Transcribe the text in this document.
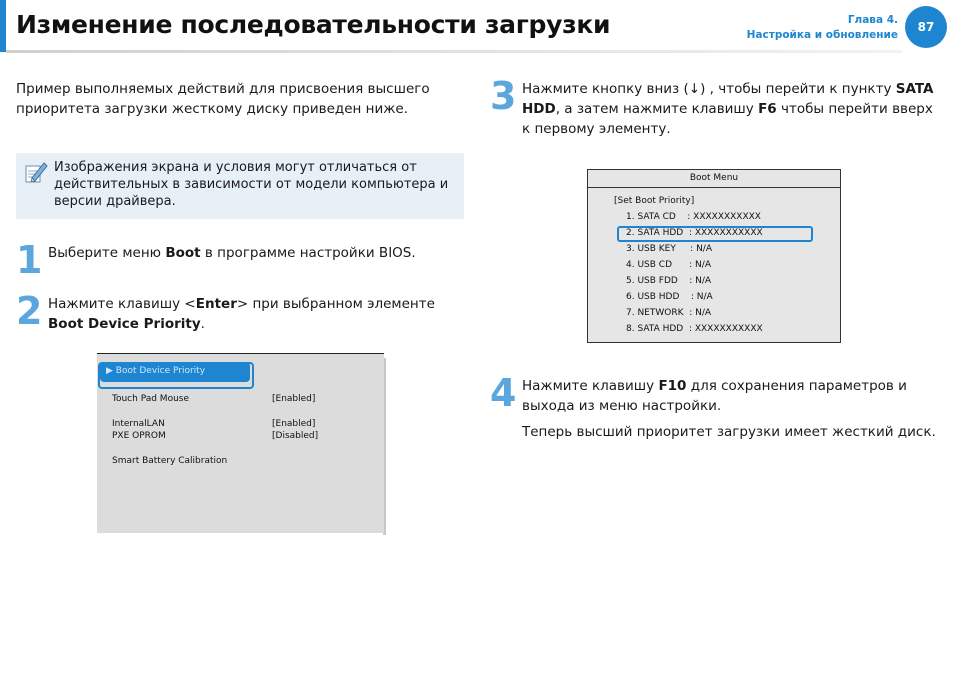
Изменение последовательности загрузки	Глава 4.
Настройка и обновление
87
Пример выполняемых действий для присвоения высшего приоритета загрузки жесткому диску приведен ниже.
Изображения экрана и условия могут отличаться от действительных в зависимости от модели компьютера и версии драйвера.
1 Выберите меню Boot в программе настройки BIOS.
2 Нажмите клавишу <Enter> при выбранном элементе Boot Device Priority.
▶ Boot Device Priority
Touch Pad Mouse	[Enabled]
InternalLAN	[Enabled]
PXE OPROM	[Disabled]
Smart Battery Calibration
3 Нажмите кнопку вниз (↓) , чтобы перейти к пункту SATA HDD, а затем нажмите клавишу F6 чтобы перейти вверх к первому элементу.
Boot Menu
[Set Boot Priority]
1. SATA CD    : XXXXXXXXXXX
2. SATA HDD  : XXXXXXXXXXX
3. USB KEY     : N/A
4. USB CD      : N/A
5. USB FDD    : N/A
6. USB HDD    : N/A
7. NETWORK  : N/A
8. SATA HDD  : XXXXXXXXXXX
4 Нажмите клавишу F10 для сохранения параметров и выхода из меню настройки.
Теперь высший приоритет загрузки имеет жесткий диск.
